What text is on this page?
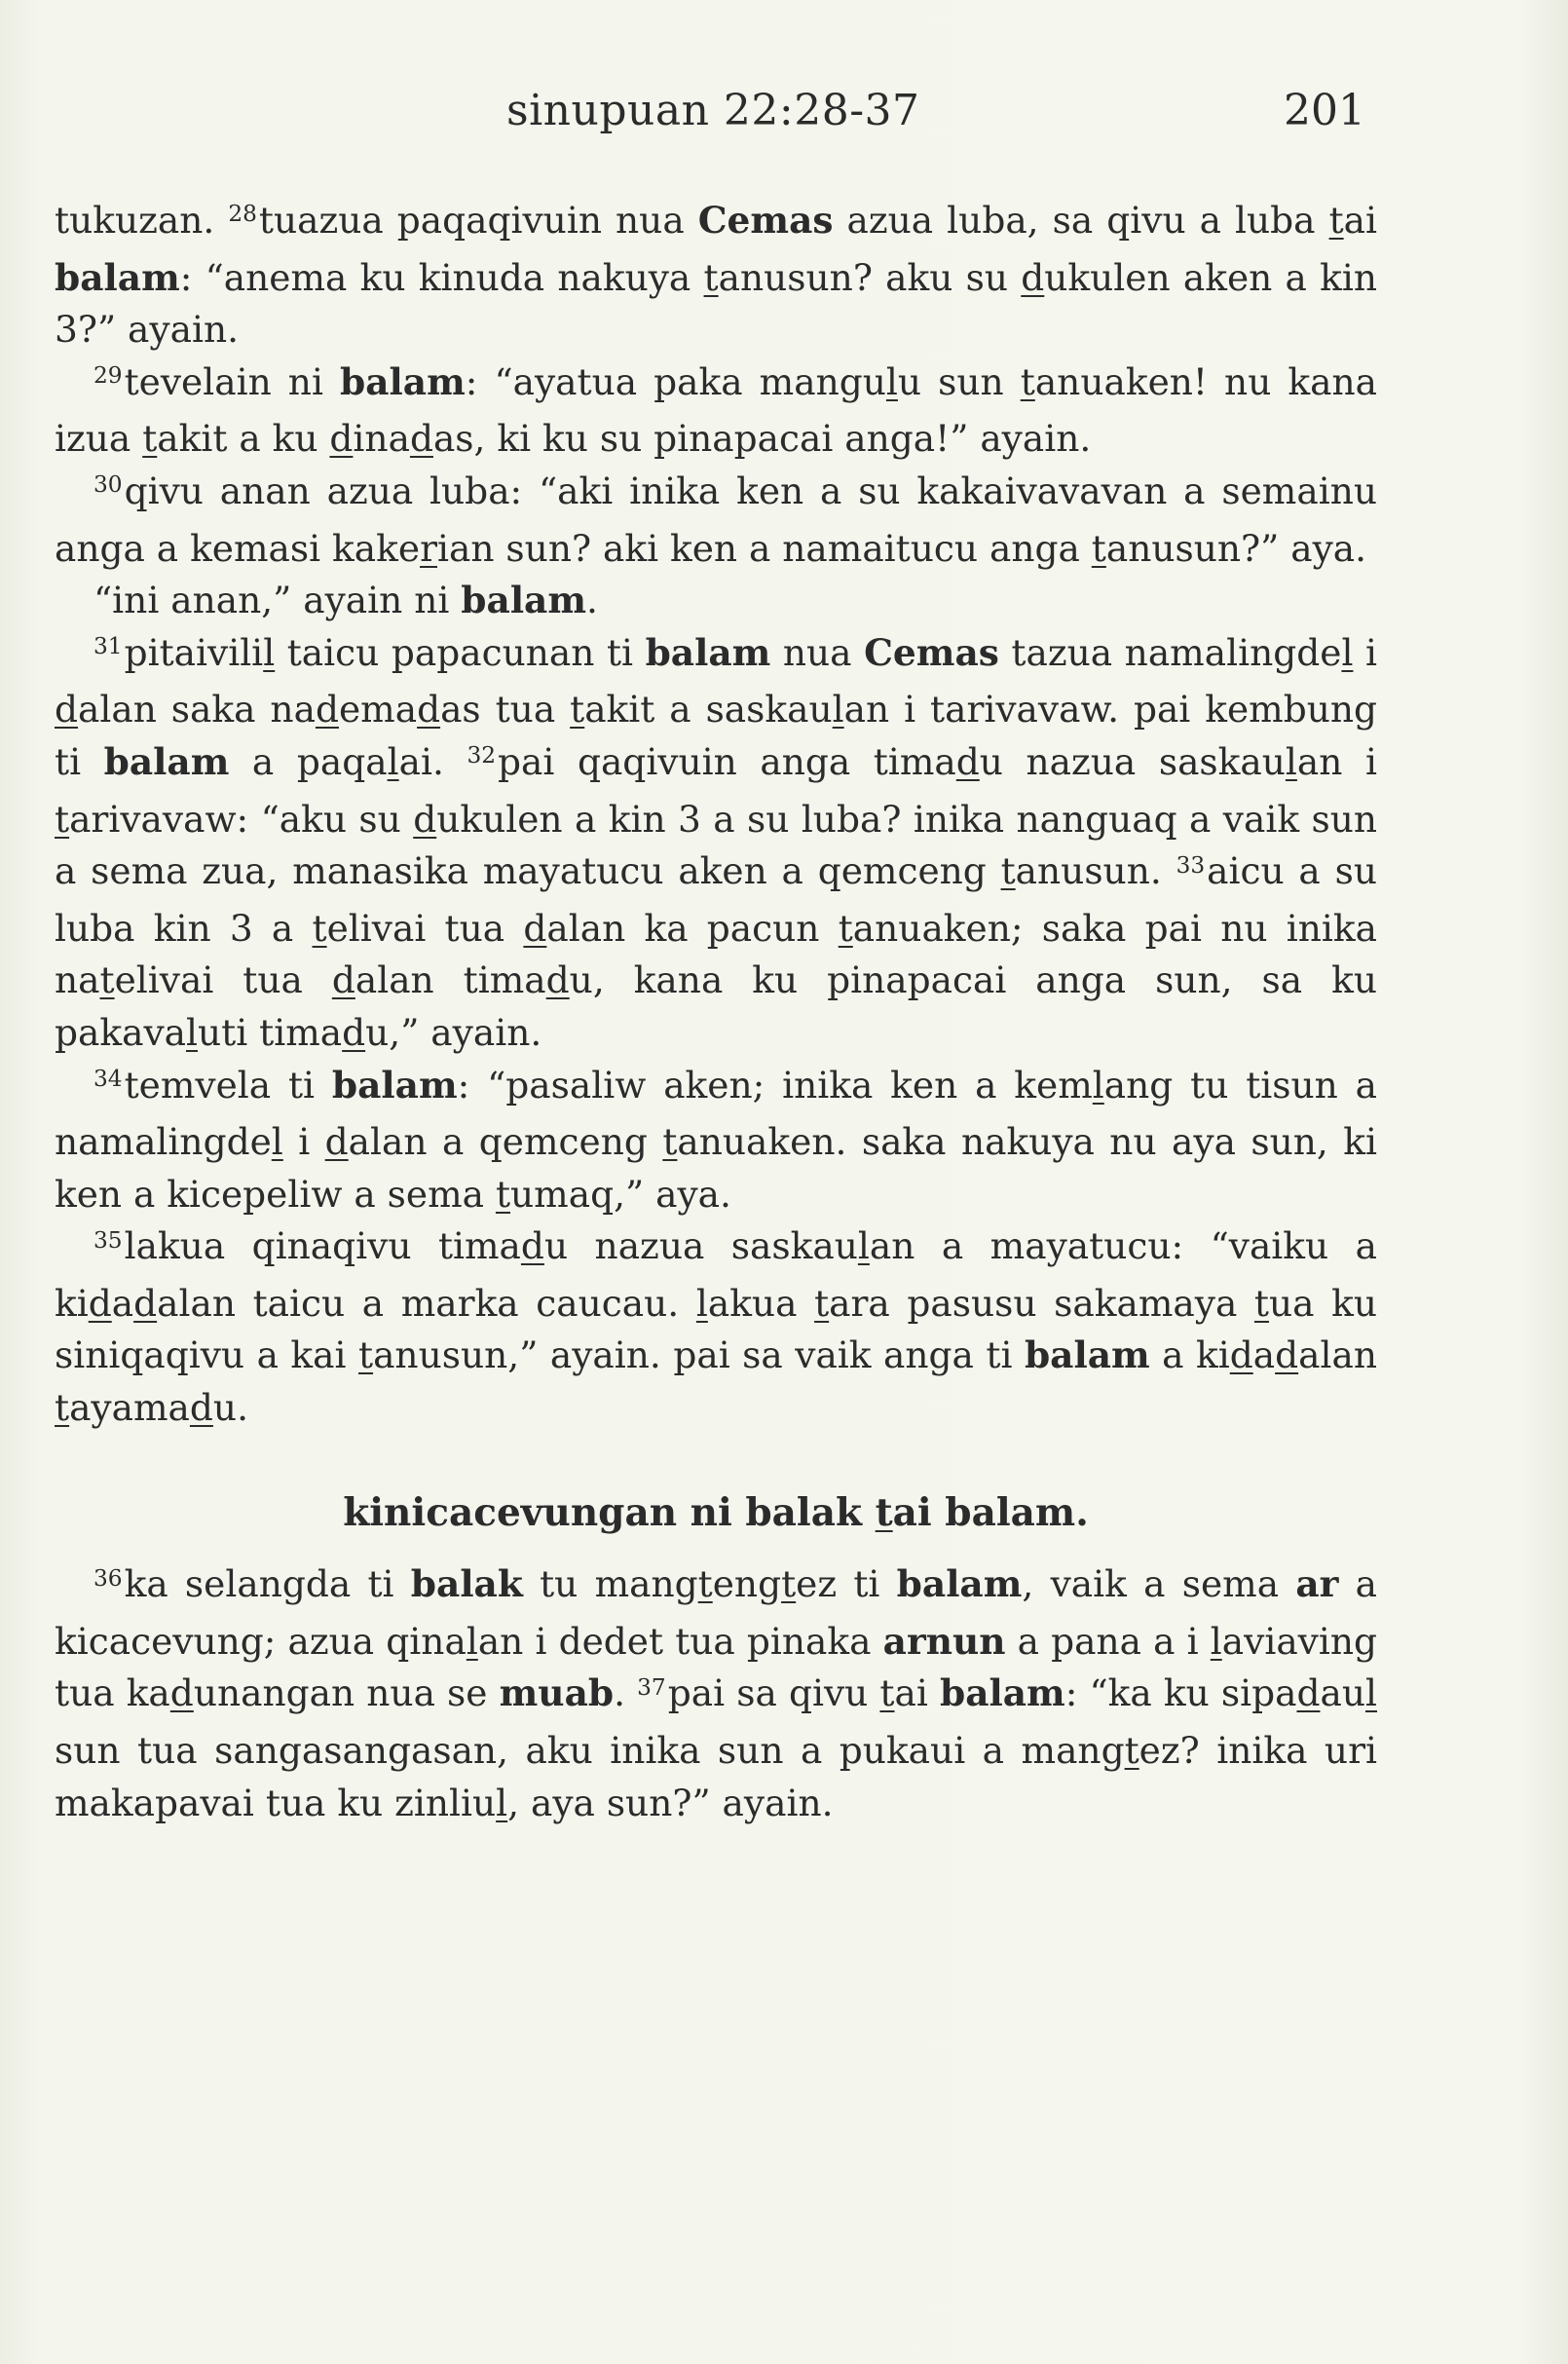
sinupuan 22:28-37	201

tukuzan. $^{28}$tuazua paqaqivuin nua Cemas azua luba, sa qivu a luba tai balam: “anema ku kinuda nakuya tanusun? aku su dukulen aken a kin 3?” ayain.

$^{29}$tevelain ni balam: “ayatua paka mangulu sun tanuaken! nu kana izua takit a ku dinadas, ki ku su pinapacai anga!” ayain.

$^{30}$qivu anan azua luba: “aki inika ken a su kakaivavavan a semainu anga a kemasi kakerian sun? aki ken a namaitucu anga tanusun?” aya.

“ini anan,” ayain ni balam.

$^{31}$pitaivilil taicu papacunan ti balam nua Cemas tazua namalingdel i dalan saka nademadas tua takit a saskaulan i tarivavaw. pai kembung ti balam a paqalai. $^{32}$pai qaqivuin anga timadu nazua saskaulan i tarivavaw: “aku su dukulen a kin 3 a su luba? inika nanguaq a vaik sun a sema zua, manasika mayatucu aken a qemceng tanusun. $^{33}$aicu a su luba kin 3 a telivai tua dalan ka pacun tanuaken; saka pai nu inika natelivai tua dalan timadu, kana ku pinapacai anga sun, sa ku pakavaluti timadu,” ayain.

$^{34}$temvela ti balam: “pasaliw aken; inika ken a kemlang tu tisun a namalingdel i dalan a qemceng tanuaken. saka nakuya nu aya sun, ki ken a kicepeliw a sema tumaq,” aya.

$^{35}$lakua qinaqivu timadu nazua saskaulan a mayatucu: “vaiku a kidadalan taicu a marka caucau. lakua tara pasusu sakamaya tua ku siniqaqivu a kai tanusun,” ayain. pai sa vaik anga ti balam a kidadalan tayamadu.

kinicacevungan ni balak tai balam.

$^{36}$ka selangda ti balak tu mangtengtez ti balam, vaik a sema ar a kicacevung; azua qinalan i dedet tua pinaka arnun a pana a i laviaving tua kadunangan nua se muab. $^{37}$pai sa qivu tai balam: “ka ku sipadaul sun tua sangasangasan, aku inika sun a pukaui a mangtez? inika uri makapavai tua ku zinliul, aya sun?” ayain.
